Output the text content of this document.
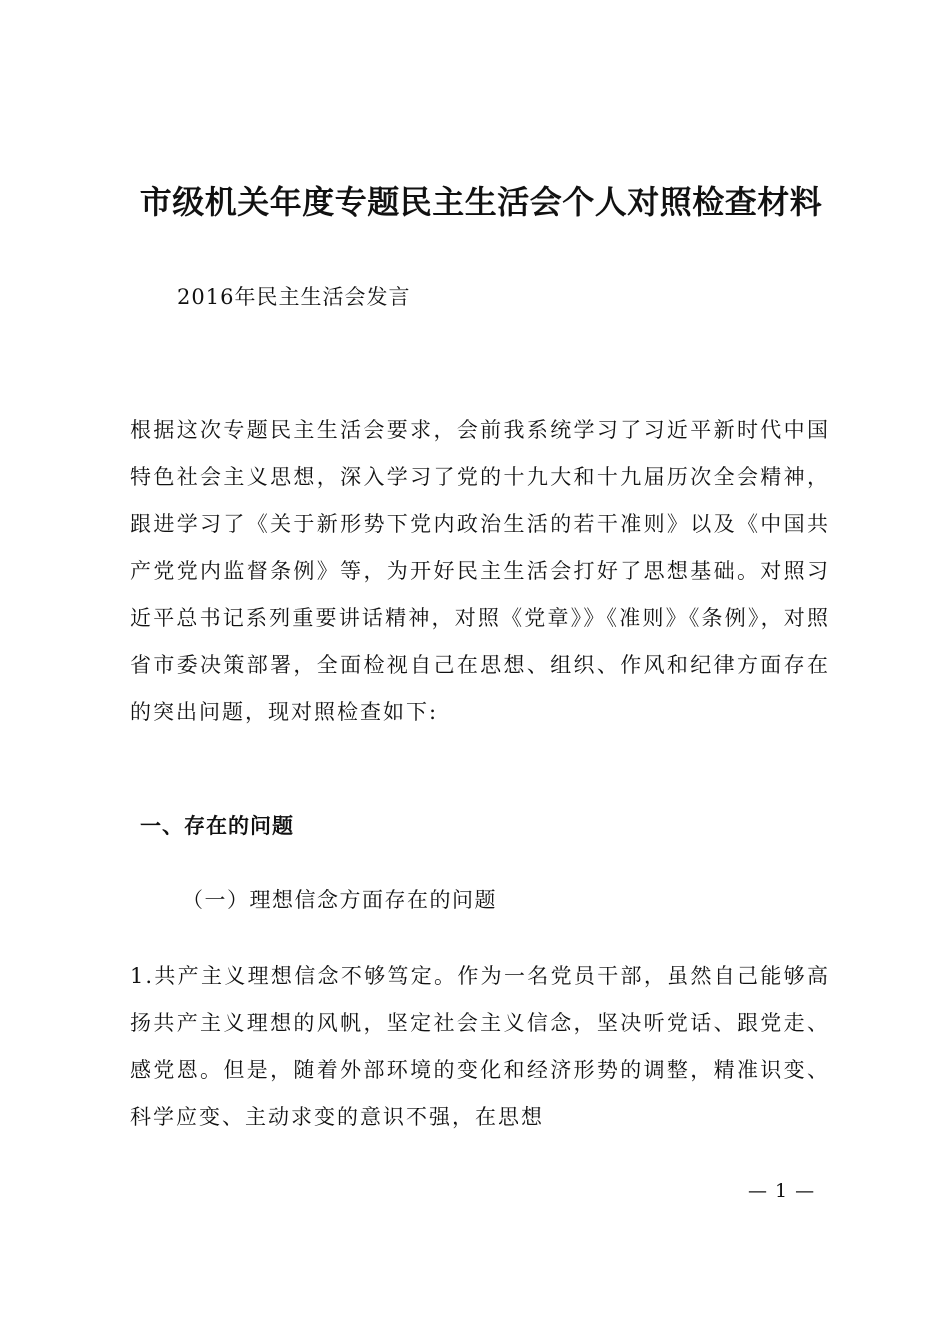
市级机关年度专题民主生活会个人对照检查材料
2016年民主生活会发言

根据这次专题民主生活会要求，会前我系统学习了习近平新时代中国特色社会主义思想，深入学习了党的十九大和十九届历次全会精神，跟进学习了《关于新形势下党内政治生活的若干准则》以及《中国共产党党内监督条例》等，为开好民主生活会打好了思想基础。对照习近平总书记系列重要讲话精神，对照《党章》》《准则》《条例》，对照省市委决策部署，全面检视自己在思想、组织、作风和纪律方面存在的突出问题，现对照检查如下:

一、存在的问题
（一）理想信念方面存在的问题

1.共产主义理想信念不够笃定。作为一名党员干部，虽然自己能够高扬共产主义理想的风帆，坚定社会主义信念，坚决听党话、跟党走、感党恩。但是，随着外部环境的变化和经济形势的调整，精准识变、科学应变、主动求变的意识不强，在思想

— 1 —
